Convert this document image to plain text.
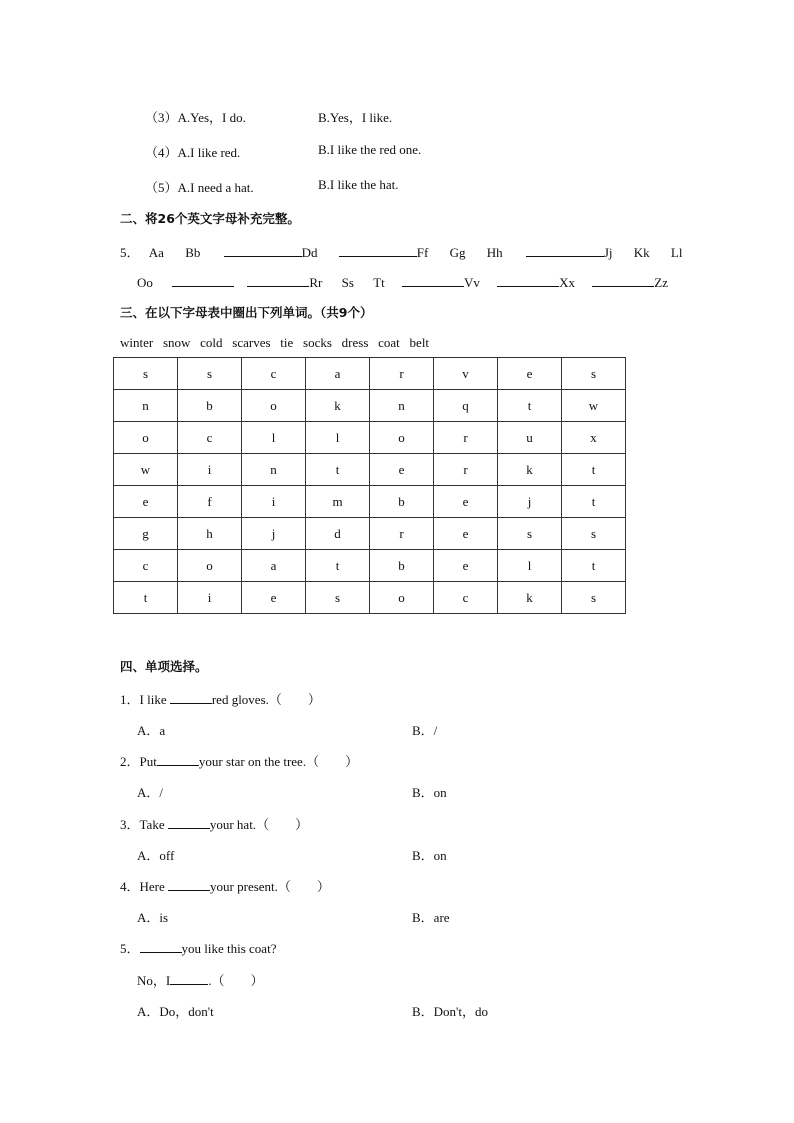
（3）A.Yes，I do.	B.Yes，I like.
（4）A.I like red.	B.I like the red one.
（5）A.I need a hat.	B.I like the hat.
二、将26个英文字母补充完整。
5． Aa Bb	Dd	Ff Gg Hh	Jj Kk Ll
Oo	Rr Ss Tt	Vv	Xx	Zz
三、在以下字母表中圈出下列单词。（共9个）
winter   snow   cold   scarves   tie   socks   dress   coat   belt
s	s	c	a	r	v	e	s
n	b	o	k	n	q	t	w
o	c	l	l	o	r	u	x
w	i	n	t	e	r	k	t
e	f	i	m	b	e	j	t
g	h	j	d	r	e	s	s
c	o	a	t	b	e	l	t
t	i	e	s	o	c	k	s
四、单项选择。
1．I like	red gloves.（　　）
A．a	B．/
2．Put	your star on the tree.（　　）
A．/	B．on
3．Take	your hat.（　　）
A．off	B．on
4．Here	your present.（　　）
A．is	B．are
5．	you like this coat?
No，I	.（　　）
A．Do，don't	B．Don't，do
